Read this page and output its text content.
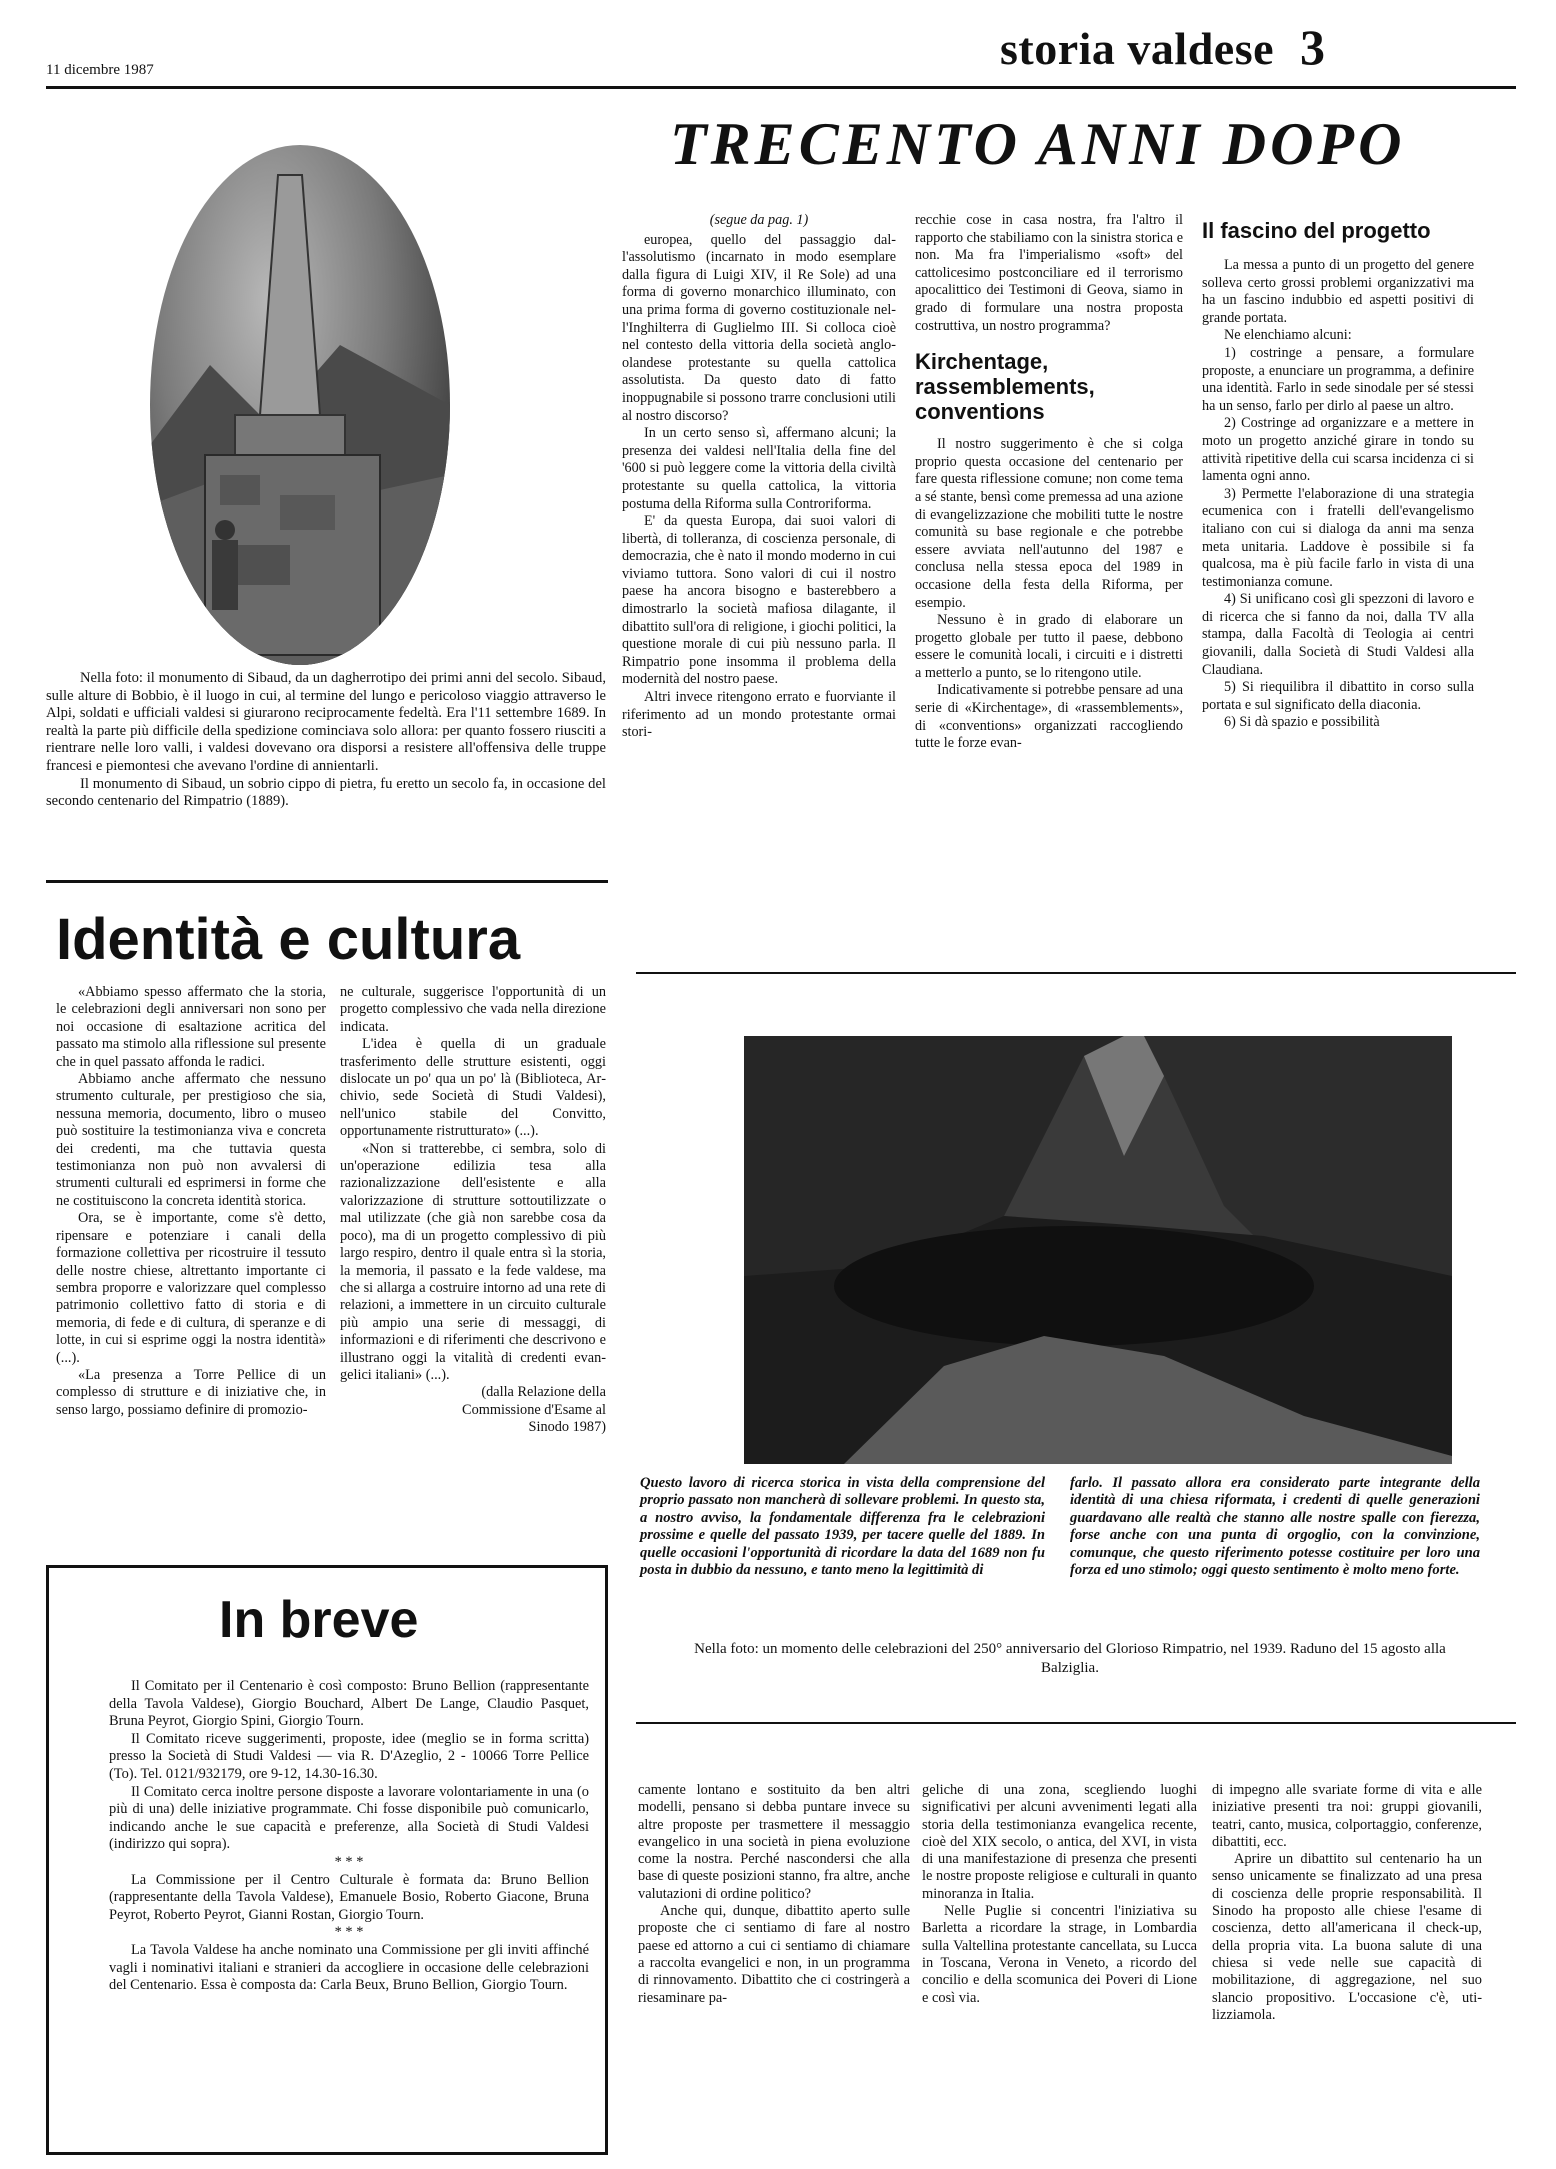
11 dicembre 1987	storia valdese 3

Nella foto: il monumento di Sibaud, da un dagherrotipo dei primi anni del secolo. Sibaud, sulle alture di Bobbio, è il luogo in cui, al termine del lungo e pericoloso viaggio attraverso le Alpi, soldati e ufficiali valdesi si giurarono reciprocamente fedeltà. Era l'11 settembre 1689. In realtà la parte più difficile della spedizione cominciava solo allora: per quanto fossero riusciti a rientrare nelle loro valli, i valdesi dovevano ora disporsi a resistere all'offensiva delle truppe francesi e piemontesi che avevano l'ordine di annientarli.

Il monumento di Sibaud, un sobrio cippo di pietra, fu eretto un secolo fa, in occasione del secondo centenario del Rimpatrio (1889).

TRECENTO ANNI DOPO

(segue da pag. 1)

europea, quello del passaggio dall'assolutismo (incarnato in modo esemplare dalla figura di Luigi XIV, il Re Sole) ad una forma di governo monarchico illuminato, con una prima forma di governo costituzionale nell'Inghilterra di Guglielmo III. Si colloca cioè nel contesto della vittoria della società anglo-olandese protestante su quella cattolica assolutista. Da questo dato di fatto inoppugnabile si possono trarre conclusioni utili al nostro discorso?

In un certo senso sì, affermano alcuni; la presenza dei valdesi nell'Italia della fine del '600 si può leggere come la vittoria della civiltà protestante su quella cattolica, la vittoria postuma della Riforma sulla Controriforma.

E' da questa Europa, dai suoi valori di libertà, di tolleranza, di coscienza personale, di democrazia, che è nato il mondo moderno in cui viviamo tuttora. Sono valori di cui il nostro paese ha ancora bisogno e basterebbero a dimostrarlo la società mafiosa dilagante, il dibattito sull'ora di religione, i giochi politici, la questione morale di cui più nessuno parla. Il Rimpatrio pone insomma il problema della modernità del nostro paese.

Altri invece ritengono errato e fuorviante il riferimento ad un mondo protestante ormai stori-

recchie cose in casa nostra, fra l'altro il rapporto che stabiliamo con la sinistra storica e non. Ma fra l'imperialismo «soft» del cattolicesimo postconciliare ed il terrorismo apocalittico dei Testimoni di Geova, siamo in grado di formulare una nostra proposta costruttiva, un nostro programma?

Kirchentage, rassemblements, conventions

Il nostro suggerimento è che si colga proprio questa occasione del centenario per fare questa riflessione comune; non come tema a sé stante, bensì come premessa ad una azione di evangelizzazione che mobiliti tutte le nostre comunità su base regionale e che potrebbe essere avviata nell'autunno del 1987 e conclusa nella stessa epoca del 1989 in occasione della festa della Riforma, per esempio.

Nessuno è in grado di elaborare un progetto globale per tutto il paese, debbono essere le comunità locali, i circuiti e i distretti a metterlo a punto, se lo ritengono utile.

Indicativamente si potrebbe pensare ad una serie di «Kirchentage», di «rassemblements», di «conventions» organizzati raccogliendo tutte le forze evan-

Il fascino del progetto

La messa a punto di un progetto del genere solleva certo grossi problemi organizzativi ma ha un fascino indubbio ed aspetti positivi di grande portata.

Ne elenchiamo alcuni:

1) costringe a pensare, a formulare proposte, a enunciare un programma, a definire una identità. Farlo in sede sinodale per sé stessi ha un senso, farlo per dirlo al paese un altro.

2) Costringe ad organizzare e a mettere in moto un progetto anziché girare in tondo su attività ripetitive della cui scarsa incidenza ci si lamenta ogni anno.

3) Permette l'elaborazione di una strategia ecumenica con i fratelli dell'evangelismo italiano con cui si dialoga da anni ma senza meta unitaria. Laddove è possibile si fa qualcosa, ma è più facile farlo in vista di una testimonianza comune.

4) Si unificano così gli spezzoni di lavoro e di ricerca che si fanno da noi, dalla TV alla stampa, dalla Facoltà di Teologia ai centri giovanili, dalla Società di Studi Valdesi alla Claudiana.

5) Si riequilibra il dibattito in corso sulla portata e sul significato della diaconia.

6) Si dà spazio e possibilità

Identità e cultura

«Abbiamo spesso affermato che la storia, le celebrazioni degli anniversari non sono per noi occasione di esaltazione acritica del passato ma stimolo alla riflessione sul presente che in quel passato affonda le radici.

Abbiamo anche affermato che nessuno strumento culturale, per prestigioso che sia, nessuna memoria, documento, libro o museo può sostituire la testimonianza viva e concreta dei credenti, ma che tuttavia questa testimonianza non può non avvalersi di strumenti culturali ed esprimersi in forme che ne costituiscono la concreta identità storica.

Ora, se è importante, come s'è detto, ripensare e potenziare i canali della formazione collettiva per ricostruire il tessuto delle nostre chiese, altrettanto importante ci sembra proporre e valorizzare quel complesso patrimonio collettivo fatto di storia e di memoria, di fede e di cultura, di speranze e di lotte, in cui si esprime oggi la nostra identità» (...).

«La presenza a Torre Pellice di un complesso di strutture e di iniziative che, in senso largo, possiamo definire di promozio-

ne culturale, suggerisce l'opportunità di un progetto complessivo che vada nella direzione indicata.

L'idea è quella di un graduale trasferimento delle strutture esistenti, oggi dislocate un po' qua un po' là (Biblioteca, Archivio, sede Società di Studi Valdesi), nell'unico stabile del Convitto, opportunamente ristrutturato» (...).

«Non si tratterebbe, ci sembra, solo di un'operazione edilizia tesa alla razionalizzazione dell'esistente e alla valorizzazione di strutture sottoutilizzate o mal utilizzate (che già non sarebbe cosa da poco), ma di un progetto complessivo di più largo respiro, dentro il quale entra sì la storia, la memoria, il passato e la fede valdese, ma che si allarga a costruire intorno ad una rete di relazioni, a immettere in un circuito culturale più ampio una serie di messaggi, di informazioni e di riferimenti che descrivono e illustrano oggi la vitalità di credenti evangelici italiani» (...).

(dalla Relazione della Commissione d'Esame al Sinodo 1987)

In breve

Il Comitato per il Centenario è così composto: Bruno Bellion (rappresentante della Tavola Valdese), Giorgio Bouchard, Albert De Lange, Claudio Pasquet, Bruna Peyrot, Giorgio Spini, Giorgio Tourn.

Il Comitato riceve suggerimenti, proposte, idee (meglio se in forma scritta) presso la Società di Studi Valdesi — via R. D'Azeglio, 2 - 10066 Torre Pellice (To). Tel. 0121/932179, ore 9-12, 14.30-16.30.

Il Comitato cerca inoltre persone disposte a lavorare volontariamente in una (o più di una) delle iniziative programmate. Chi fosse disponibile può comunicarlo, indicando anche le sue capacità e preferenze, alla Società di Studi Valdesi (indirizzo qui sopra).

* * *

La Commissione per il Centro Culturale è formata da: Bruno Bellion (rappresentante della Tavola Valdese), Emanuele Bosio, Roberto Giacone, Bruna Peyrot, Roberto Peyrot, Gianni Rostan, Giorgio Tourn.

* * *

La Tavola Valdese ha anche nominato una Commissione per gli inviti affinché vagli i nominativi italiani e stranieri da accogliere in occasione delle celebrazioni del Centenario. Essa è composta da: Carla Beux, Bruno Bellion, Giorgio Tourn.

Questo lavoro di ricerca storica in vista della comprensione del proprio passato non mancherà di sollevare problemi. In questo sta, a nostro avviso, la fondamentale differenza fra le celebrazioni prossime e quelle del passato 1939, per tacere quelle del 1889. In quelle occasioni l'opportunità di ricordare la data del 1689 non fu posta in dubbio da nessuno, e tanto meno la legittimità di
farlo. Il passato allora era considerato parte integrante della identità di una chiesa riformata, i credenti di quelle generazioni guardavano alle realtà che stanno alle nostre spalle con fierezza, forse anche con una punta di orgoglio, con la convinzione, comunque, che questo riferimento potesse costituire per loro una forza ed uno stimolo; oggi questo sentimento è molto meno forte.
Nella foto: un momento delle celebrazioni del 250° anniversario del Glorioso Rimpatrio, nel 1939. Raduno del 15 agosto alla Balziglia.

camente lontano e sostituito da ben altri modelli, pensano si debba puntare invece su altre proposte per trasmettere il messaggio evangelico in una società in piena evoluzione come la nostra. Perché nascondersi che alla base di queste posizioni stanno, fra altre, anche valutazioni di ordine politico?

Anche qui, dunque, dibattito aperto sulle proposte che ci sentiamo di fare al nostro paese ed attorno a cui ci sentiamo di chiamare a raccolta evangelici e non, in un programma di rinnovamento. Dibattito che ci costringerà a riesaminare pa-

geliche di una zona, scegliendo luoghi significativi per alcuni avvenimenti legati alla storia della testimonianza evangelica recente, cioè del XIX secolo, o antica, del XVI, in vista di una manifestazione di presenza che presenti le nostre proposte religiose e culturali in quanto minoranza in Italia.

Nelle Puglie si concentri l'iniziativa su Barletta a ricordare la strage, in Lombardia sulla Valtellina protestante cancellata, su Lucca in Toscana, Verona in Veneto, a ricordo del concilio e della scomunica dei Poveri di Lione e così via.

di impegno alle svariate forme di vita e alle iniziative presenti tra noi: gruppi giovanili, teatri, canto, musica, colportaggio, conferenze, dibattiti, ecc.

Aprire un dibattito sul centenario ha un senso unicamente se finalizzato ad una presa di coscienza delle proprie responsabilità. Il Sinodo ha proposto alle chiese l'esame di coscienza, detto all'americana il check-up, della propria vita. La buona salute di una chiesa si vede nelle sue capacità di mobilitazione, di aggregazione, nel suo slancio propositivo. L'occasione c'è, utilizziamola.
